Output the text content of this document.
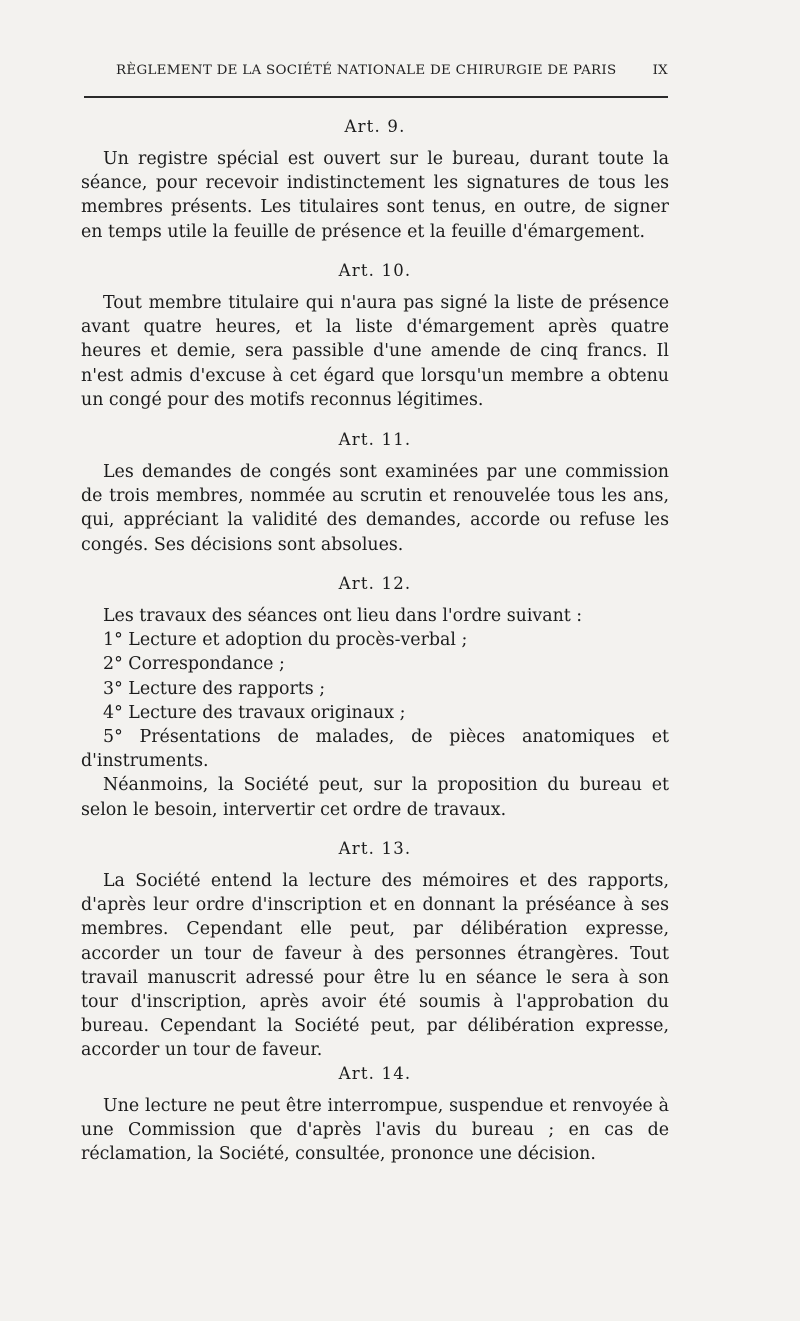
RÈGLEMENT DE LA SOCIÉTÉ NATIONALE DE CHIRURGIE DE PARIS	IX
Art. 9.

Un registre spécial est ouvert sur le bureau, durant toute la séance, pour recevoir indistinctement les signatures de tous les membres présents. Les titulaires sont tenus, en outre, de signer en temps utile la feuille de présence et la feuille d'émargement.

Art. 10.

Tout membre titulaire qui n'aura pas signé la liste de présence avant quatre heures, et la liste d'émargement après quatre heures et demie, sera passible d'une amende de cinq francs. Il n'est admis d'excuse à cet égard que lorsqu'un membre a obtenu un congé pour des motifs reconnus légitimes.

Art. 11.

Les demandes de congés sont examinées par une commission de trois membres, nommée au scrutin et renouvelée tous les ans, qui, appréciant la validité des demandes, accorde ou refuse les congés. Ses décisions sont absolues.

Art. 12.

Les travaux des séances ont lieu dans l'ordre suivant :

1° Lecture et adoption du procès-verbal ;

2° Correspondance ;

3° Lecture des rapports ;

4° Lecture des travaux originaux ;

5° Présentations de malades, de pièces anatomiques et d'instruments.

Néanmoins, la Société peut, sur la proposition du bureau et selon le besoin, intervertir cet ordre de travaux.

Art. 13.

La Société entend la lecture des mémoires et des rapports, d'après leur ordre d'inscription et en donnant la préséance à ses membres. Cependant elle peut, par délibération expresse, accorder un tour de faveur à des personnes étrangères. Tout travail manuscrit adressé pour être lu en séance le sera à son tour d'inscription, après avoir été soumis à l'approbation du bureau. Cependant la Société peut, par délibération expresse, accorder un tour de faveur.

Art. 14.

Une lecture ne peut être interrompue, suspendue et renvoyée à une Commission que d'après l'avis du bureau ; en cas de réclamation, la Société, consultée, prononce une décision.
